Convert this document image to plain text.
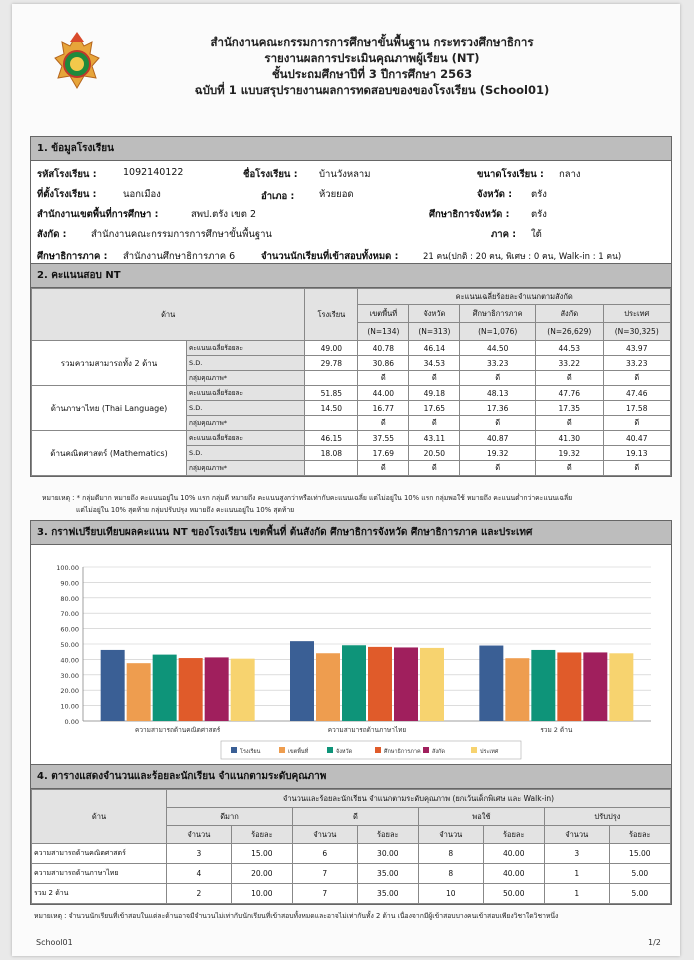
สำนักงานคณะกรรมการการศึกษาขั้นพื้นฐาน กระทรวงศึกษาธิการ
รายงานผลการประเมินคุณภาพผู้เรียน (NT)
ชั้นประถมศึกษาปีที่ 3 ปีการศึกษา 2563
ฉบับที่ 1 แบบสรุปรายงานผลการทดสอบของของโรงเรียน (School01)
1. ข้อมูลโรงเรียน
รหัสโรงเรียน :	1092140122	ชื่อโรงเรียน : บ้านวังหลาม	ขนาดโรงเรียน : กลาง
ที่ตั้งโรงเรียน :	นอกเมือง	อำเภอ :	ห้วยยอด	จังหวัด : ตรัง
สำนักงานเขตพื้นที่การศึกษา :	สพป.ตรัง เขต 2	ศึกษาธิการจังหวัด : ตรัง
สังกัด :	สำนักงานคณะกรรมการการศึกษาขั้นพื้นฐาน	ภาค : ใต้
ศึกษาธิการภาค : สำนักงานศึกษาธิการภาค 6	จำนวนนักเรียนที่เข้าสอบทั้งหมด :	21 คน(ปกติ : 20 คน, พิเศษ : 0 คน, Walk-in : 1 คน)
2. คะแนนสอบ NT
ด้าน		โรงเรียน	คะแนนเฉลี่ยร้อยละจำแนกตามสังกัด				
			เขตพื้นที่	จังหวัด	ศึกษาธิการภาค	สังกัด	ประเทศ
			(N=134)	(N=313)	(N=1,076)	(N=26,629)	(N=30,325)
รวมความสามารถทั้ง 2 ด้าน	คะแนนเฉลี่ยร้อยละ	49.00	40.78	46.14	44.50	44.53	43.97
	S.D.	29.78	30.86	34.53	33.23	33.22	33.23
	กลุ่มคุณภาพ*		ดี	ดี	ดี	ดี	ดี
ด้านภาษาไทย (Thai Language)	คะแนนเฉลี่ยร้อยละ	51.85	44.00	49.18	48.13	47.76	47.46
	S.D.	14.50	16.77	17.65	17.36	17.35	17.58
	กลุ่มคุณภาพ*		ดี	ดี	ดี	ดี	ดี
ด้านคณิตศาสตร์ (Mathematics)	คะแนนเฉลี่ยร้อยละ	46.15	37.55	43.11	40.87	41.30	40.47
	S.D.	18.08	17.69	20.50	19.32	19.32	19.13
	กลุ่มคุณภาพ*		ดี	ดี	ดี	ดี	ดี
หมายเหตุ : * กลุ่มดีมาก หมายถึง คะแนนอยู่ใน 10% แรก กลุ่มดี หมายถึง คะแนนสูงกว่าหรือเท่ากับคะแนนเฉลี่ย แต่ไม่อยู่ใน 10% แรก กลุ่มพอใช้ หมายถึง คะแนนต่ำกว่าคะแนนเฉลี่ย
แต่ไม่อยู่ใน 10% สุดท้าย กลุ่มปรับปรุง หมายถึง คะแนนอยู่ใน 10% สุดท้าย
3. กราฟเปรียบเทียบผลคะแนน NT ของโรงเรียน เขตพื้นที่ ต้นสังกัด ศึกษาธิการจังหวัด ศึกษาธิการภาค และประเทศ
0.00
10.00
20.00
30.00
40.00
50.00
60.00
70.00
80.00
90.00
100.00
ความสามารถด้านคณิตศาสตร์	ความสามารถด้านภาษาไทย	รวม 2 ด้าน
โรงเรียน	เขตพื้นที่	จังหวัด	ศึกษาธิการภาค สังกัด	ประเทศ
4. ตารางแสดงจำนวนและร้อยละนักเรียน จำแนกตามระดับคุณภาพ
ด้าน	จำนวนและร้อยละนักเรียน จำแนกตามระดับคุณภาพ (ยกเว้นเด็กพิเศษ และ Walk-in)							
	ดีมาก		ดี		พอใช้		ปรับปรุง	
	จำนวน	ร้อยละ	จำนวน	ร้อยละ	จำนวน	ร้อยละ	จำนวน	ร้อยละ
ความสามารถด้านคณิตศาสตร์	3	15.00	6	30.00	8	40.00	3	15.00
ความสามารถด้านภาษาไทย	4	20.00	7	35.00	8	40.00	1	5.00
รวม 2 ด้าน	2	10.00	7	35.00	10	50.00	1	5.00
หมายเหตุ : จำนวนนักเรียนที่เข้าสอบในแต่ละด้านอาจมีจำนวนไม่เท่ากับนักเรียนที่เข้าสอบทั้งหมดและอาจไม่เท่ากันทั้ง 2 ด้าน เนื่องจากมีผู้เข้าสอบบางคนเข้าสอบเพียงวิชาใดวิชาหนึ่ง
School01	1/2
